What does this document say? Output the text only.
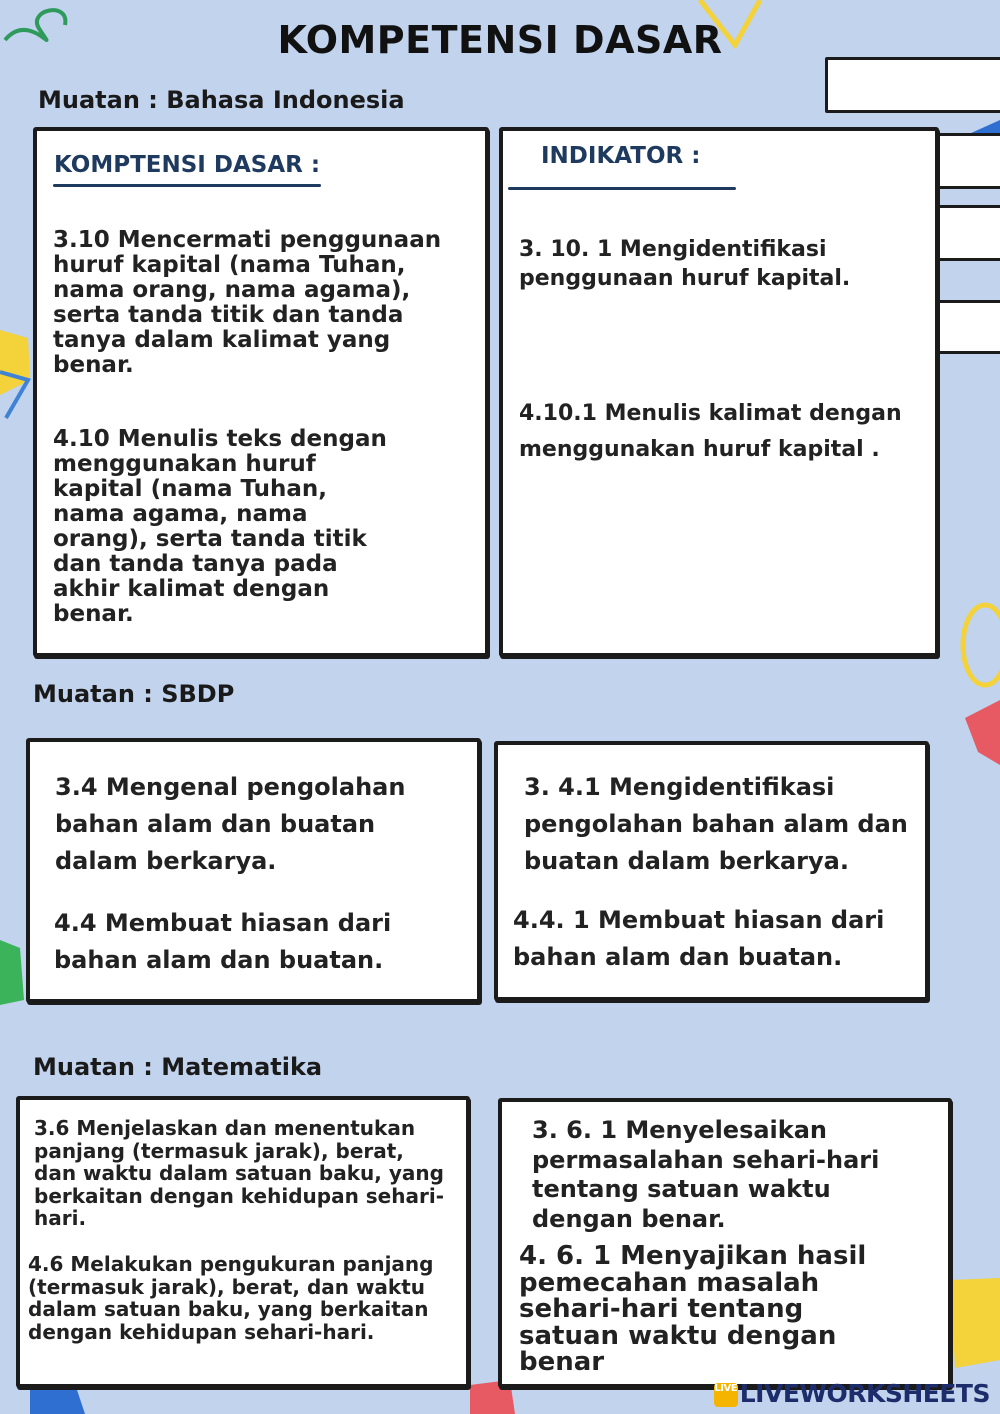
KOMPETENSI DASAR
Muatan : Bahasa Indonesia
KOMPTENSI DASAR :
3.10 Mencermati penggunaan huruf kapital (nama Tuhan, nama orang, nama agama), serta tanda titik dan tanda tanya dalam kalimat yang benar.
4.10 Menulis teks dengan menggunakan huruf kapital (nama Tuhan, nama agama, nama orang), serta tanda titik dan tanda tanya pada akhir kalimat dengan benar.
INDIKATOR :
3. 10. 1 Mengidentifikasi penggunaan huruf kapital.
4.10.1 Menulis kalimat dengan menggunakan huruf kapital .
Muatan : SBDP
3.4 Mengenal pengolahan bahan alam dan buatan dalam berkarya.
4.4 Membuat hiasan dari bahan alam dan buatan.
3. 4.1 Mengidentifikasi pengolahan bahan alam dan buatan dalam berkarya.
4.4. 1 Membuat hiasan dari bahan alam dan buatan.
Muatan : Matematika
3.6 Menjelaskan dan menentukan panjang (termasuk jarak), berat, dan waktu dalam satuan baku, yang berkaitan dengan kehidupan sehari-hari.
4.6 Melakukan pengukuran panjang (termasuk jarak), berat, dan waktu dalam satuan baku, yang berkaitan dengan kehidupan sehari-hari.
3. 6. 1 Menyelesaikan permasalahan sehari-hari tentang satuan waktu dengan benar.
4. 6. 1 Menyajikan hasil pemecahan masalah sehari-hari tentang satuan waktu dengan benar
LIVE LIVEWORKSHEETS
